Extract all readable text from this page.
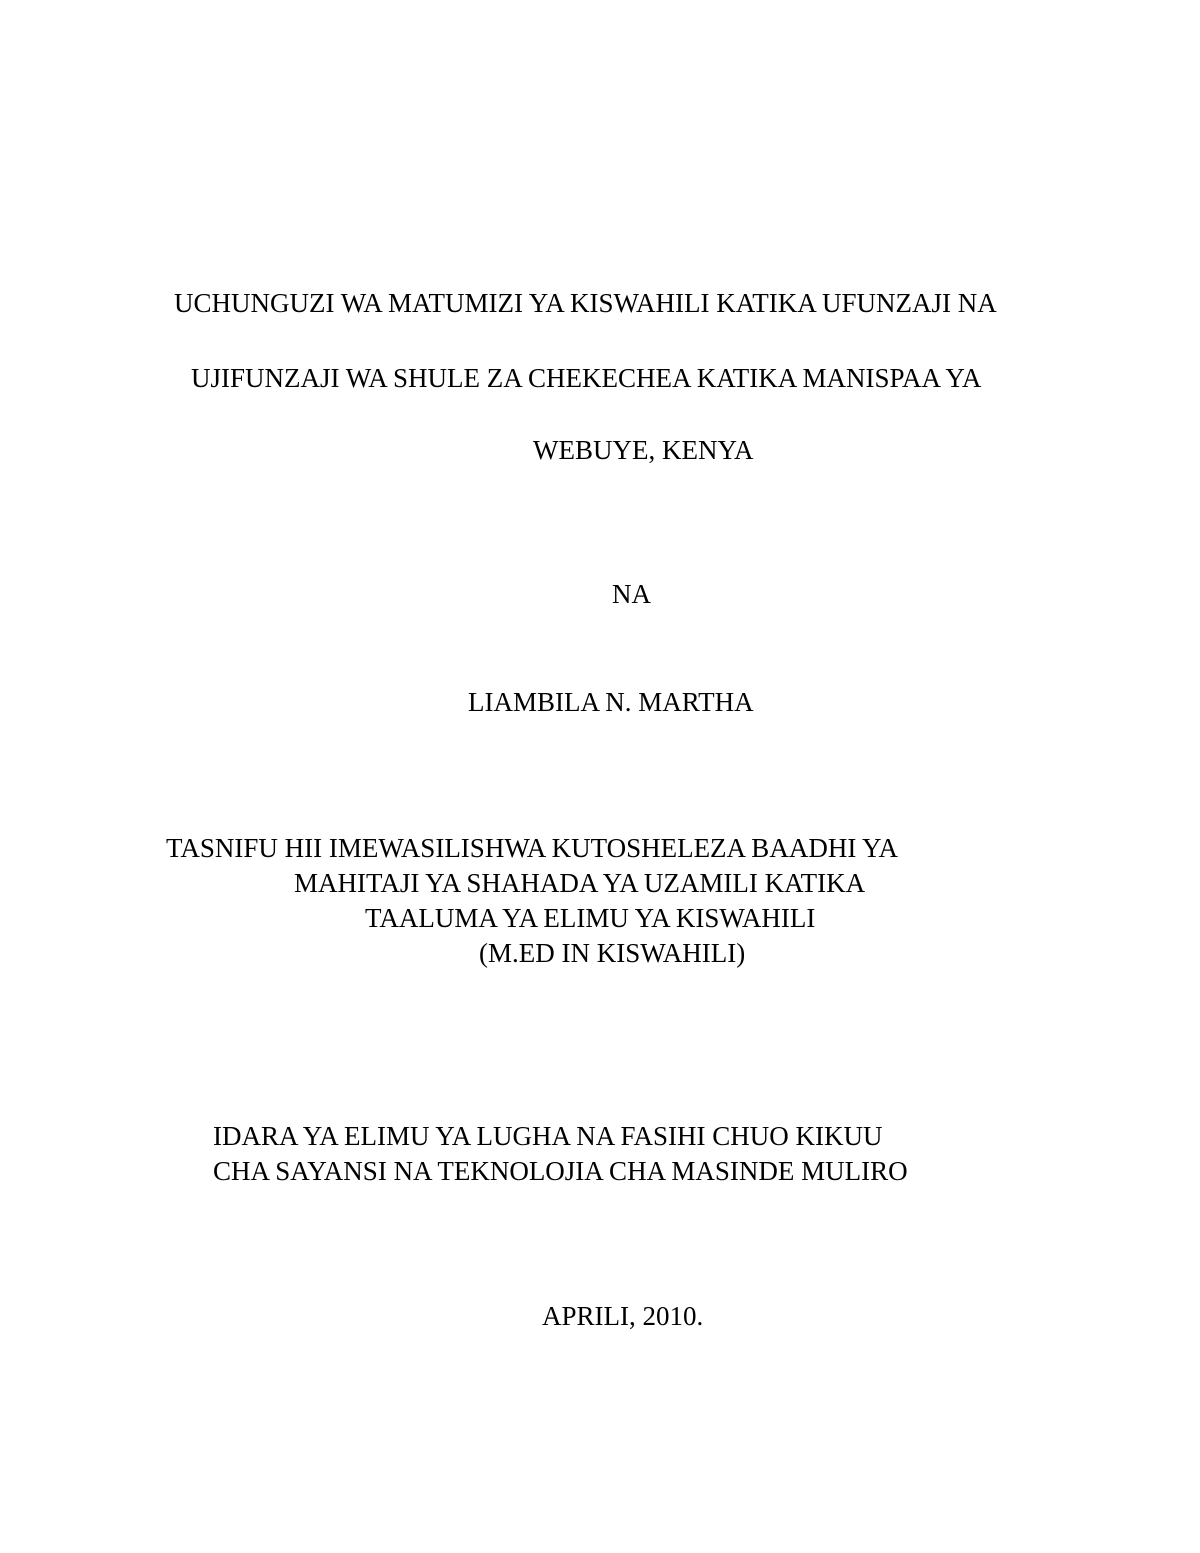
UCHUNGUZI WA MATUMIZI YA KISWAHILI KATIKA UFUNZAJI NA
UJIFUNZAJI WA SHULE ZA CHEKECHEA KATIKA MANISPAA YA
WEBUYE, KENYA
NA
LIAMBILA N. MARTHA
TASNIFU HII IMEWASILISHWA KUTOSHELEZA BAADHI YA
MAHITAJI YA SHAHADA YA UZAMILI KATIKA
TAALUMA YA ELIMU YA KISWAHILI
(M.ED IN KISWAHILI)
IDARA YA ELIMU YA LUGHA NA FASIHI CHUO KIKUU
CHA SAYANSI NA TEKNOLOJIA CHA MASINDE MULIRO
APRILI, 2010.
